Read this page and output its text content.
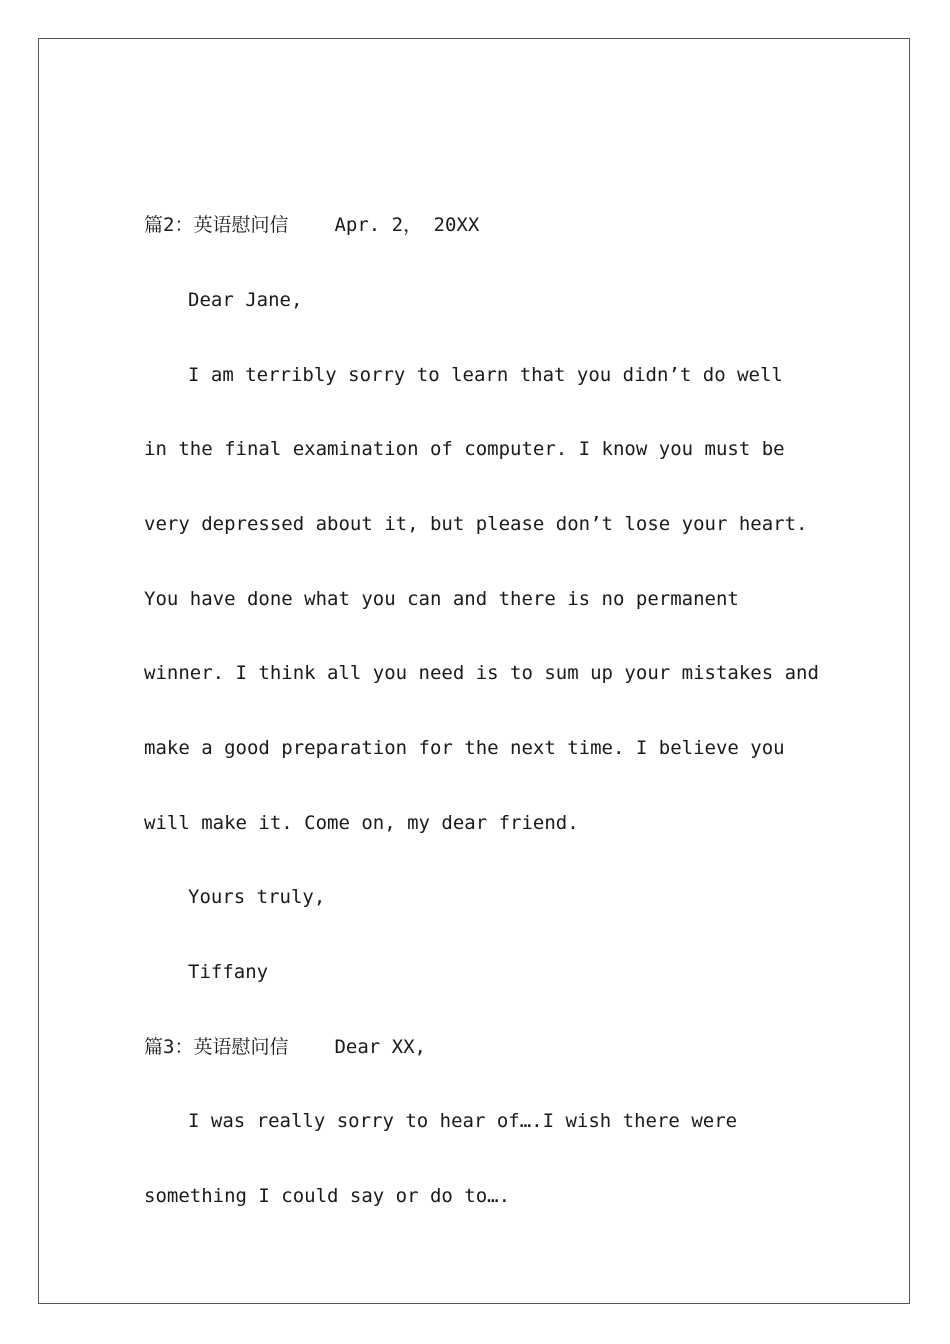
篇2：英语慰问信 Apr. 2， 20XX
Dear Jane,
I am terribly sorry to learn that you didn’t do well
in the final examination of computer. I know you must be
very depressed about it, but please don’t lose your heart.
You have done what you can and there is no permanent
winner. I think all you need is to sum up your mistakes and
make a good preparation for the next time. I believe you
will make it. Come on, my dear friend.
Yours truly,
Tiffany
篇3：英语慰问信 Dear XX,
I was really sorry to hear of….I wish there were
something I could say or do to….
